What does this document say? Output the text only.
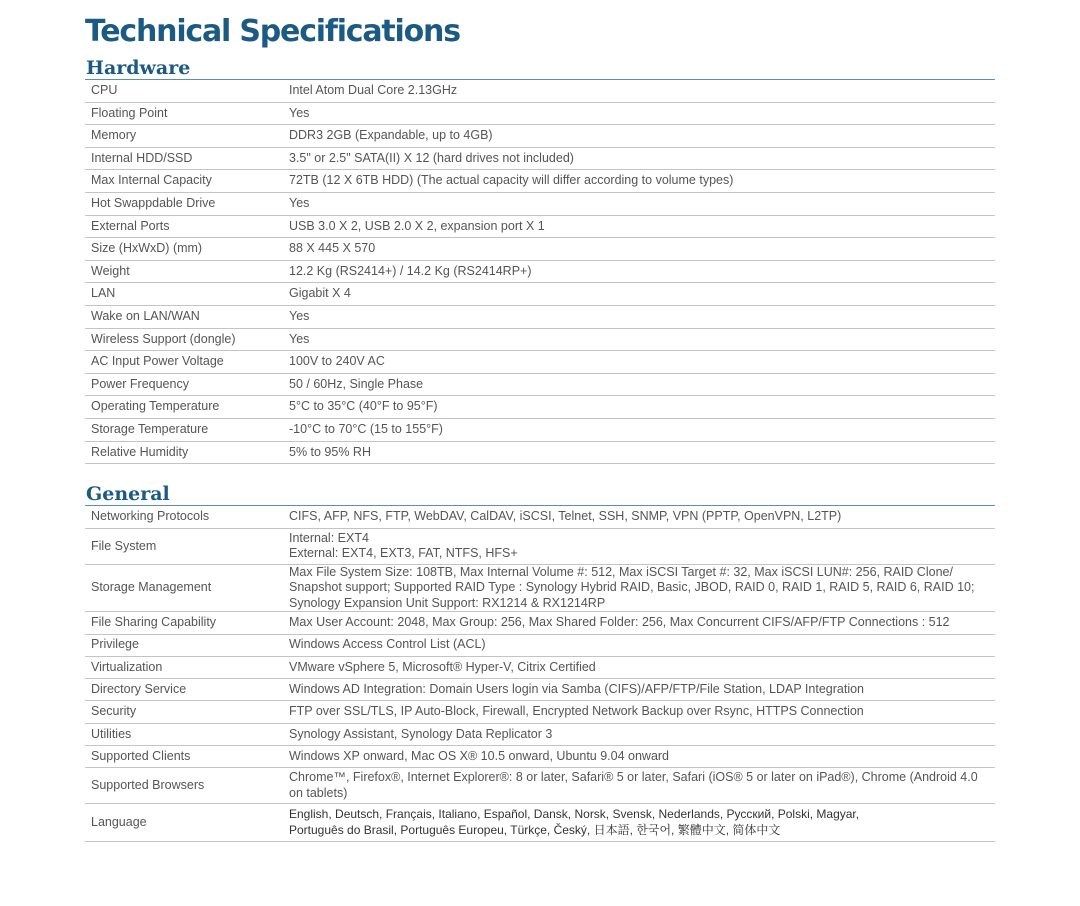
Technical Specifications
Hardware
CPU	Intel Atom Dual Core 2.13GHz
Floating Point	Yes
Memory	DDR3 2GB (Expandable, up to 4GB)
Internal HDD/SSD	3.5" or 2.5" SATA(II) X 12 (hard drives not included)
Max Internal Capacity	72TB (12 X 6TB HDD) (The actual capacity will differ according to volume types)
Hot Swappdable Drive	Yes
External Ports	USB 3.0 X 2, USB 2.0 X 2, expansion port X 1
Size (HxWxD) (mm)	88 X 445 X 570
Weight	12.2 Kg (RS2414+) / 14.2 Kg (RS2414RP+)
LAN	Gigabit X 4
Wake on LAN/WAN	Yes
Wireless Support (dongle)	Yes
AC Input Power Voltage	100V to 240V AC
Power Frequency	50 / 60Hz, Single Phase
Operating Temperature	5°C to 35°C (40°F to 95°F)
Storage Temperature	-10°C to 70°C (15 to 155°F)
Relative Humidity	5% to 95% RH
General
Networking Protocols	CIFS, AFP, NFS, FTP, WebDAV, CalDAV, iSCSI, Telnet, SSH, SNMP, VPN (PPTP, OpenVPN, L2TP)
File System	Internal: EXT4
External: EXT4, EXT3, FAT, NTFS, HFS+
Storage Management	Max File System Size: 108TB, Max Internal Volume #: 512, Max iSCSI Target #: 32, Max iSCSI LUN#: 256, RAID Clone/
Snapshot support; Supported RAID Type : Synology Hybrid RAID, Basic, JBOD, RAID 0, RAID 1, RAID 5, RAID 6, RAID 10;
Synology Expansion Unit Support: RX1214 & RX1214RP
File Sharing Capability	Max User Account: 2048, Max Group: 256, Max Shared Folder: 256, Max Concurrent CIFS/AFP/FTP Connections : 512
Privilege	Windows Access Control List (ACL)
Virtualization	VMware vSphere 5, Microsoft® Hyper-V, Citrix Certified
Directory Service	Windows AD Integration: Domain Users login via Samba (CIFS)/AFP/FTP/File Station, LDAP Integration
Security	FTP over SSL/TLS, IP Auto-Block, Firewall, Encrypted Network Backup over Rsync, HTTPS Connection
Utilities	Synology Assistant, Synology Data Replicator 3
Supported Clients	Windows XP onward, Mac OS X® 10.5 onward, Ubuntu 9.04 onward
Supported Browsers	Chrome™, Firefox®, Internet Explorer®: 8 or later, Safari® 5 or later, Safari (iOS® 5 or later on iPad®), Chrome (Android 4.0
on tablets)
Language	English, Deutsch, Français, Italiano, Español, Dansk, Norsk, Svensk, Nederlands, Русский, Polski, Magyar,
Português do Brasil, Português Europeu, Türkçe, Český, 日本語, 한국어, 繁體中文, 简体中文
